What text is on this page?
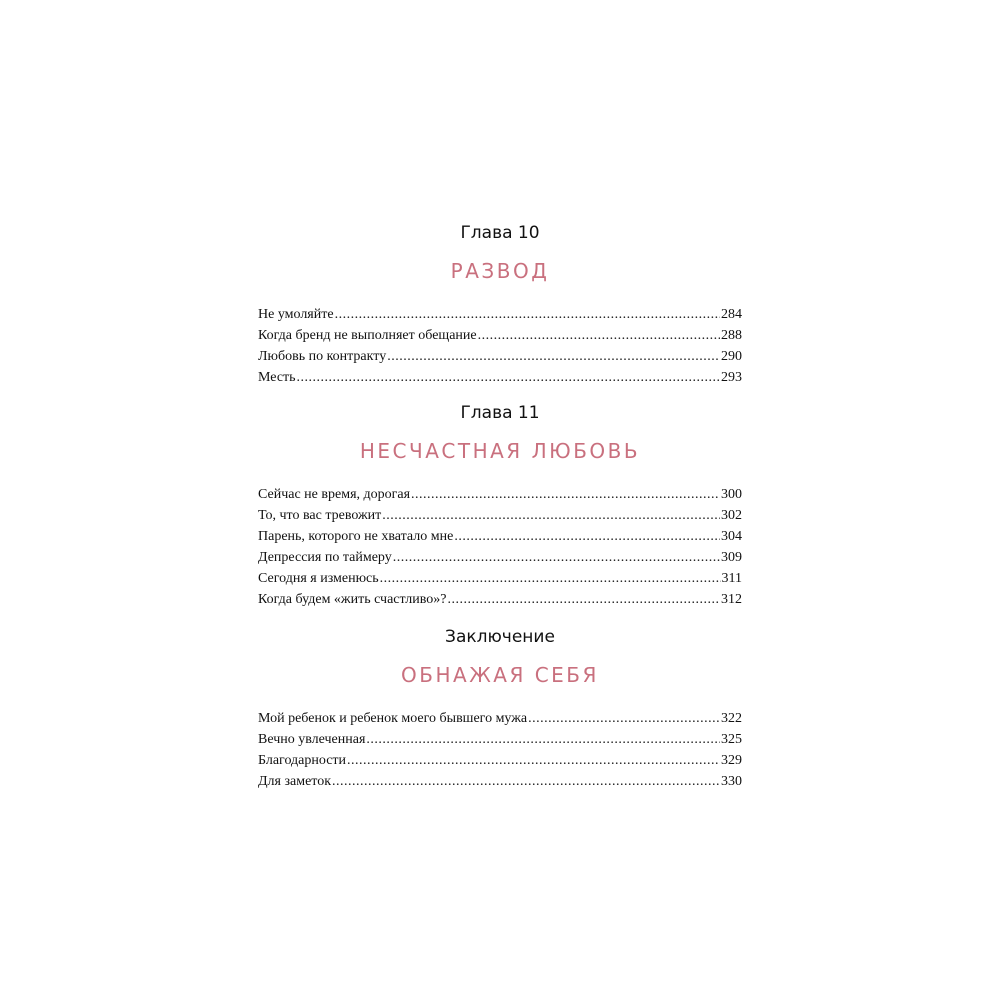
Глава 10
РАЗВОД
Не умоляйте .....	284
Когда бренд не выполняет обещание .....	288
Любовь по контракту .....	290
Месть .....	293
Глава 11
НЕСЧАСТНАЯ ЛЮБОВЬ
Сейчас не время, дорогая .....	300
То, что вас тревожит .....	302
Парень, которого не хватало мне .....	304
Депрессия по таймеру .....	309
Сегодня я изменюсь .....	311
Когда будем «жить счастливо»? .....	312
Заключение
ОБНАЖАЯ СЕБЯ
Мой ребенок и ребенок моего бывшего мужа .....	322
Вечно увлеченная .....	325
Благодарности .....	329
Для заметок .....	330
